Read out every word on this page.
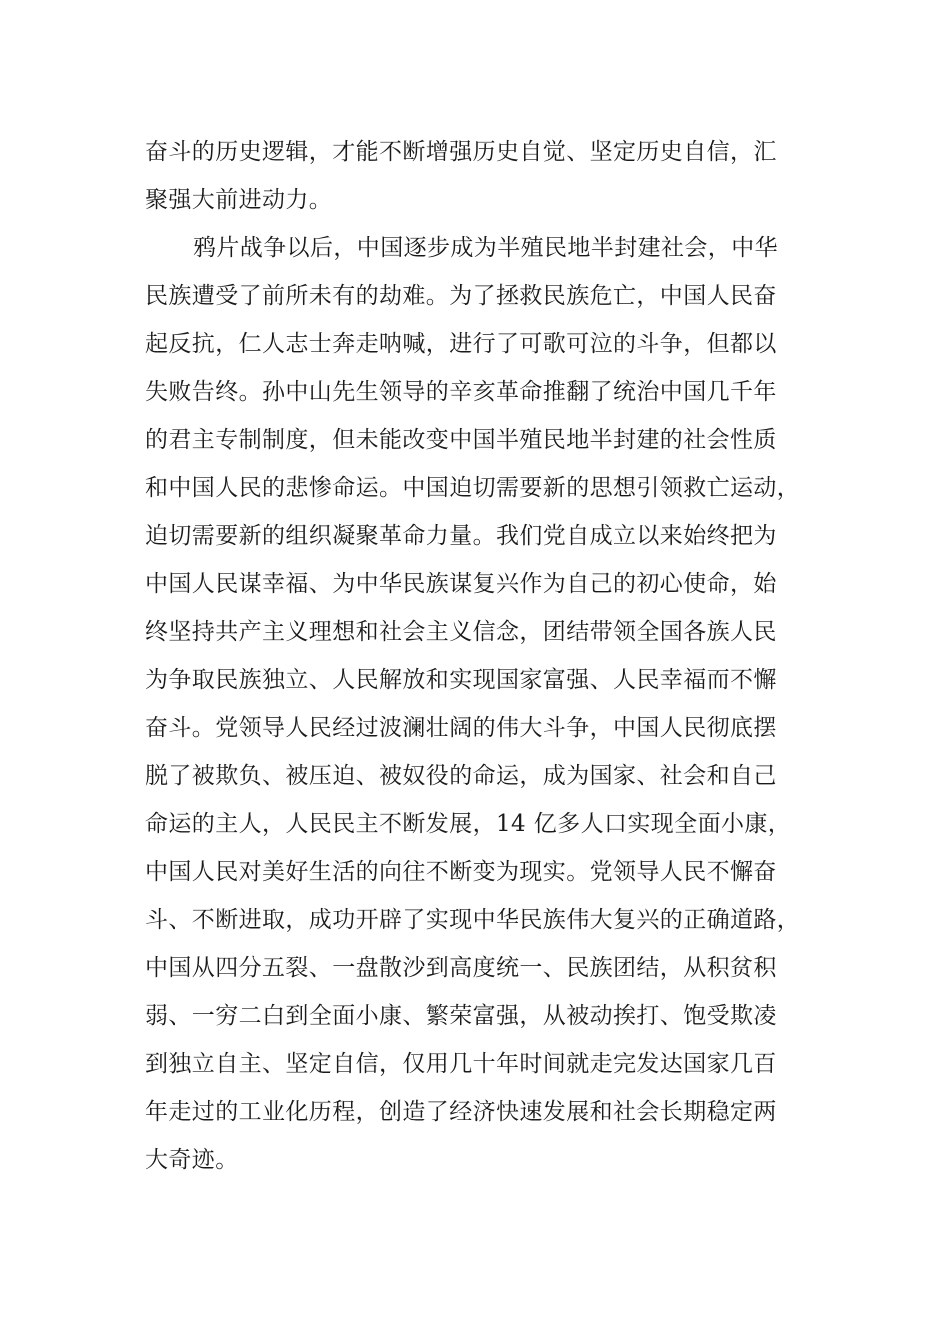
奋斗的历史逻辑，才能不断增强历史自觉、坚定历史自信，汇
聚强大前进动力。
鸦片战争以后，中国逐步成为半殖民地半封建社会，中华
民族遭受了前所未有的劫难。为了拯救民族危亡，中国人民奋
起反抗，仁人志士奔走呐喊，进行了可歌可泣的斗争，但都以
失败告终。孙中山先生领导的辛亥革命推翻了统治中国几千年
的君主专制制度，但未能改变中国半殖民地半封建的社会性质
和中国人民的悲惨命运。中国迫切需要新的思想引领救亡运动，
迫切需要新的组织凝聚革命力量。我们党自成立以来始终把为
中国人民谋幸福、为中华民族谋复兴作为自己的初心使命，始
终坚持共产主义理想和社会主义信念，团结带领全国各族人民
为争取民族独立、人民解放和实现国家富强、人民幸福而不懈
奋斗。党领导人民经过波澜壮阔的伟大斗争，中国人民彻底摆
脱了被欺负、被压迫、被奴役的命运，成为国家、社会和自己
命运的主人，人民民主不断发展，14 亿多人口实现全面小康，
中国人民对美好生活的向往不断变为现实。党领导人民不懈奋
斗、不断进取，成功开辟了实现中华民族伟大复兴的正确道路，
中国从四分五裂、一盘散沙到高度统一、民族团结，从积贫积
弱、一穷二白到全面小康、繁荣富强，从被动挨打、饱受欺凌
到独立自主、坚定自信，仅用几十年时间就走完发达国家几百
年走过的工业化历程，创造了经济快速发展和社会长期稳定两
大奇迹。
